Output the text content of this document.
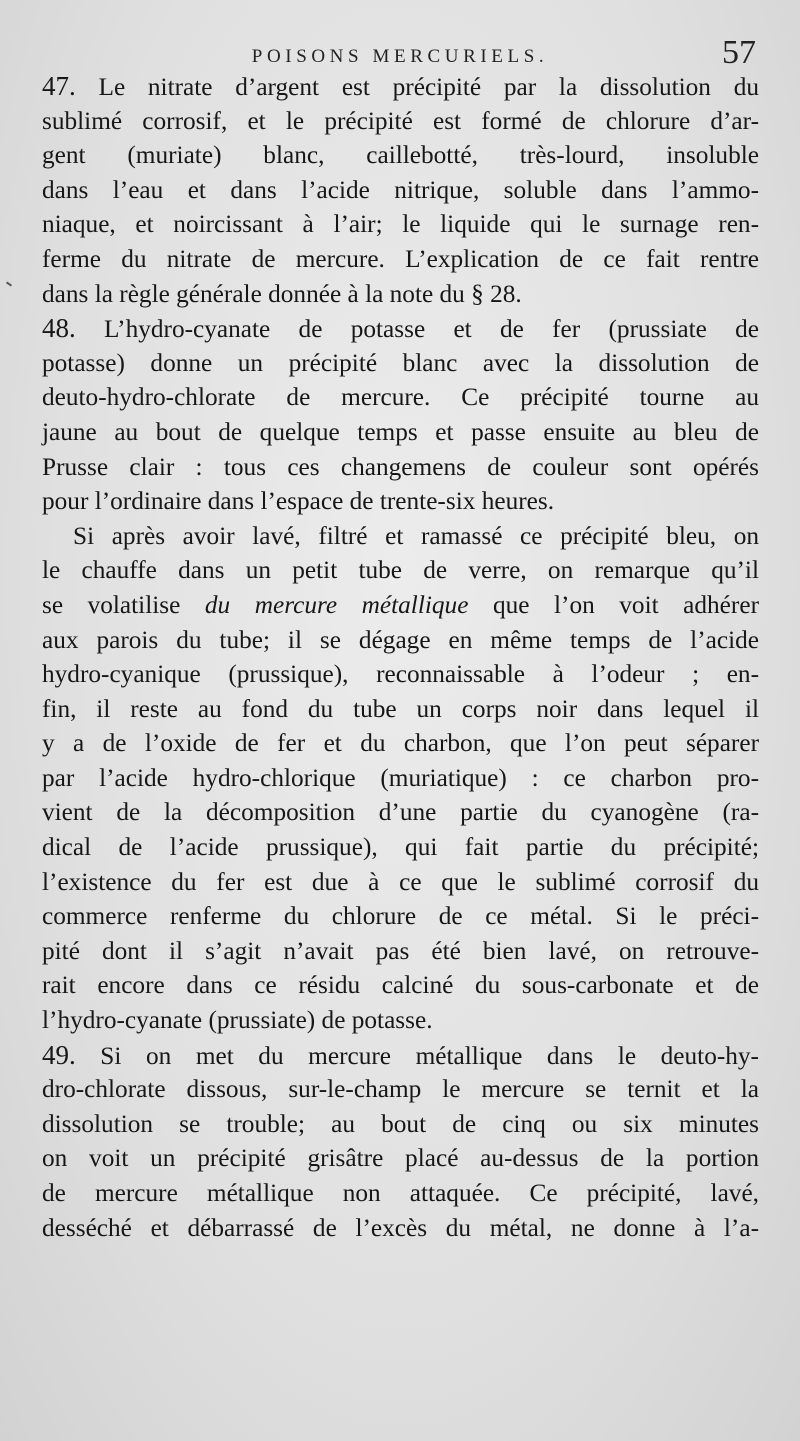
POISONS MERCURIELS.	57
47. Le nitrate d’argent est précipité par la dissolution du
sublimé corrosif, et le précipité est formé de chlorure d’ar-
gent (muriate) blanc, caillebotté, très-lourd, insoluble
dans l’eau et dans l’acide nitrique, soluble dans l’ammo-
niaque, et noircissant à l’air; le liquide qui le surnage ren-
ferme du nitrate de mercure. L’explication de ce fait rentre
dans la règle générale donnée à la note du § 28.
48. L’hydro-cyanate de potasse et de fer (prussiate de
potasse) donne un précipité blanc avec la dissolution de
deuto-hydro-chlorate de mercure. Ce précipité tourne au
jaune au bout de quelque temps et passe ensuite au bleu de
Prusse clair : tous ces changemens de couleur sont opérés
pour l’ordinaire dans l’espace de trente-six heures.
Si après avoir lavé, filtré et ramassé ce précipité bleu, on
le chauffe dans un petit tube de verre, on remarque qu’il
se volatilise du mercure métallique que l’on voit adhérer
aux parois du tube; il se dégage en même temps de l’acide
hydro-cyanique (prussique), reconnaissable à l’odeur ; en-
fin, il reste au fond du tube un corps noir dans lequel il
y a de l’oxide de fer et du charbon, que l’on peut séparer
par l’acide hydro-chlorique (muriatique) : ce charbon pro-
vient de la décomposition d’une partie du cyanogène (ra-
dical de l’acide prussique), qui fait partie du précipité;
l’existence du fer est due à ce que le sublimé corrosif du
commerce renferme du chlorure de ce métal. Si le préci-
pité dont il s’agit n’avait pas été bien lavé, on retrouve-
rait encore dans ce résidu calciné du sous-carbonate et de
l’hydro-cyanate (prussiate) de potasse.
49. Si on met du mercure métallique dans le deuto-hy-
dro-chlorate dissous, sur-le-champ le mercure se ternit et la
dissolution se trouble; au bout de cinq ou six minutes
on voit un précipité grisâtre placé au-dessus de la portion
de mercure métallique non attaquée. Ce précipité, lavé,
desséché et débarrassé de l’excès du métal, ne donne à l’a-
